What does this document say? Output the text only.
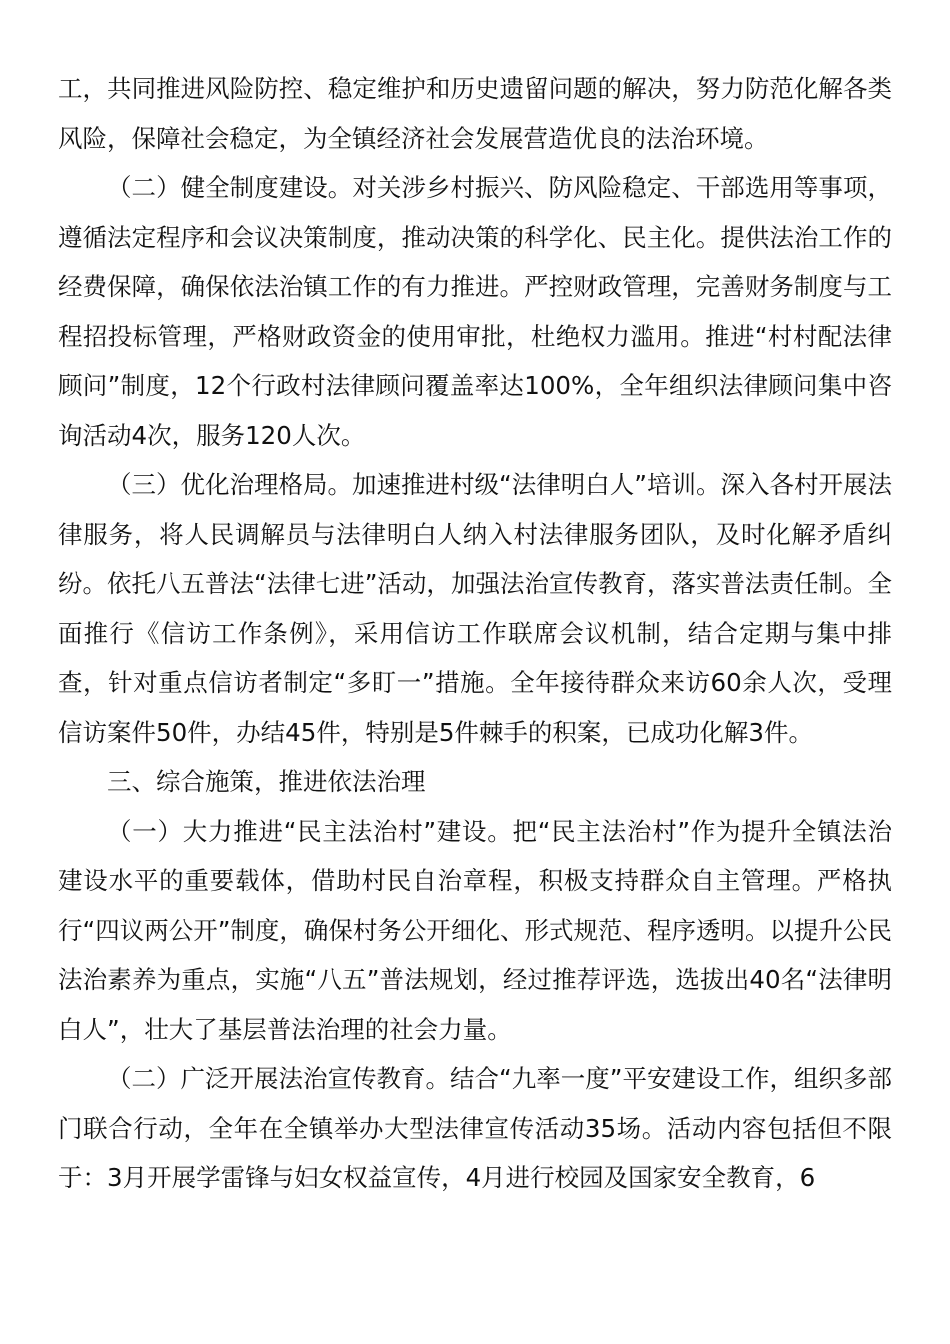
工，共同推进风险防控、稳定维护和历史遗留问题的解决，努力防范化解各类风险，保障社会稳定，为全镇经济社会发展营造优良的法治环境。

（二）健全制度建设。对关涉乡村振兴、防风险稳定、干部选用等事项，遵循法定程序和会议决策制度，推动决策的科学化、民主化。提供法治工作的经费保障，确保依法治镇工作的有力推进。严控财政管理，完善财务制度与工程招投标管理，严格财政资金的使用审批，杜绝权力滥用。推进“村村配法律顾问”制度，12个行政村法律顾问覆盖率达100%，全年组织法律顾问集中咨询活动4次，服务120人次。

（三）优化治理格局。加速推进村级“法律明白人”培训。深入各村开展法律服务，将人民调解员与法律明白人纳入村法律服务团队，及时化解矛盾纠纷。依托八五普法“法律七进”活动，加强法治宣传教育，落实普法责任制。全面推行《信访工作条例》，采用信访工作联席会议机制，结合定期与集中排查，针对重点信访者制定“多盯一”措施。全年接待群众来访60余人次，受理信访案件50件，办结45件，特别是5件棘手的积案，已成功化解3件。

三、综合施策，推进依法治理

（一）大力推进“民主法治村”建设。把“民主法治村”作为提升全镇法治建设水平的重要载体，借助村民自治章程，积极支持群众自主管理。严格执行“四议两公开”制度，确保村务公开细化、形式规范、程序透明。以提升公民法治素养为重点，实施“八五”普法规划，经过推荐评选，选拔出40名“法律明白人”，壮大了基层普法治理的社会力量。

（二）广泛开展法治宣传教育。结合“九率一度”平安建设工作，组织多部门联合行动，全年在全镇举办大型法律宣传活动35场。活动内容包括但不限于：3月开展学雷锋与妇女权益宣传，4月进行校园及国家安全教育，6
